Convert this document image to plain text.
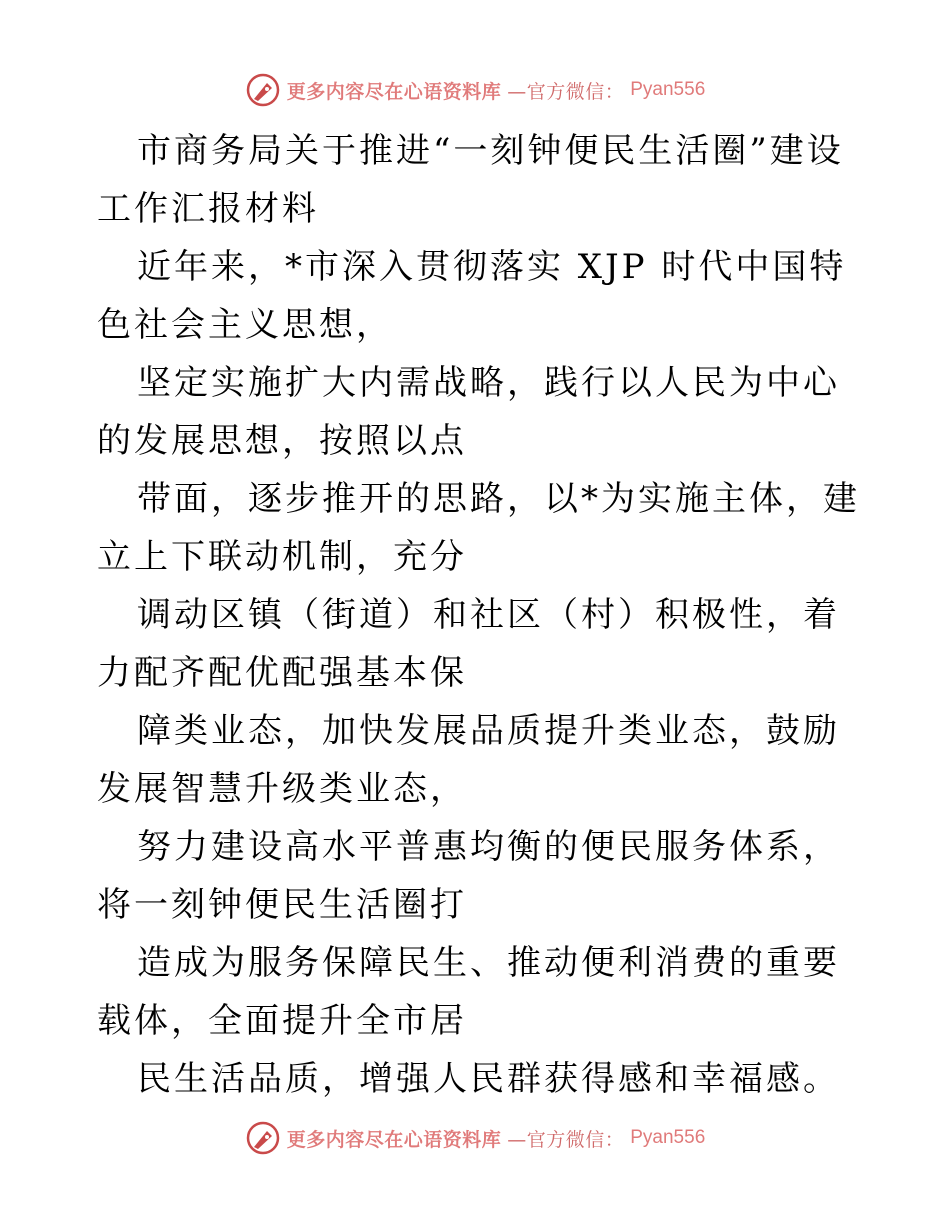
更多内容尽在心语资料库 —官方微信： Pyan556

市商务局关于推进“一刻钟便民生活圈”建设工作汇报材料

近年来，*市深入贯彻落实 XJP 时代中国特色社会主义思想，

坚定实施扩大内需战略，践行以人民为中心的发展思想，按照以点

带面，逐步推开的思路，以*为实施主体，建立上下联动机制，充分

调动区镇（街道）和社区（村）积极性，着力配齐配优配强基本保

障类业态，加快发展品质提升类业态，鼓励发展智慧升级类业态，

努力建设高水平普惠均衡的便民服务体系，将一刻钟便民生活圈打

造成为服务保障民生、推动便利消费的重要载体，全面提升全市居

民生活品质，增强人民群获得感和幸福感。

更多内容尽在心语资料库 —官方微信： Pyan556
